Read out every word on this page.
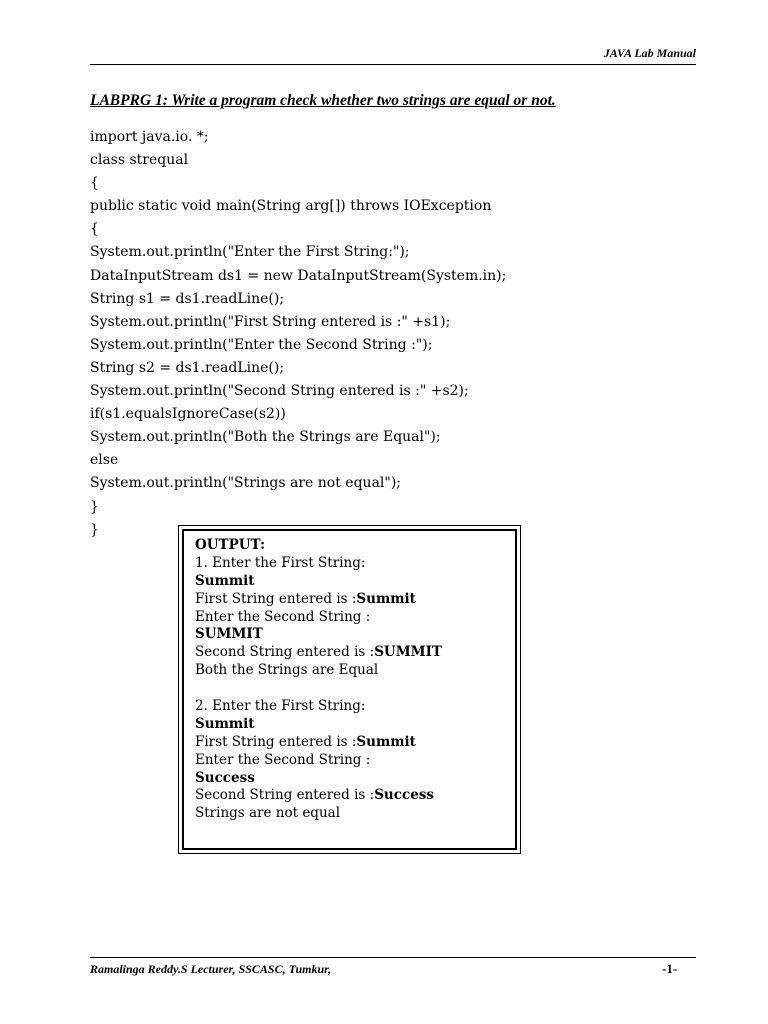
JAVA Lab Manual
LABPRG 1: Write a program check whether two strings are equal or not.
import java.io. *;
class strequal
{
public static void main(String arg[]) throws IOException
{
System.out.println("Enter the First String:");
DataInputStream ds1 = new DataInputStream(System.in);
String s1 = ds1.readLine();
System.out.println("First String entered is :" +s1);
System.out.println("Enter the Second String :");
String s2 = ds1.readLine();
System.out.println("Second String entered is :" +s2);
if(s1.equalsIgnoreCase(s2))
System.out.println("Both the Strings are Equal");
else
System.out.println("Strings are not equal");
}
}
OUTPUT:
1. Enter the First String:
Summit
First String entered is :Summit
Enter the Second String :
SUMMIT
Second String entered is :SUMMIT
Both the Strings are Equal
2. Enter the First String:
Summit
First String entered is :Summit
Enter the Second String :
Success
Second String entered is :Success
Strings are not equal
Ramalinga Reddy.S Lecturer, SSCASC, Tumkur,	-1-
